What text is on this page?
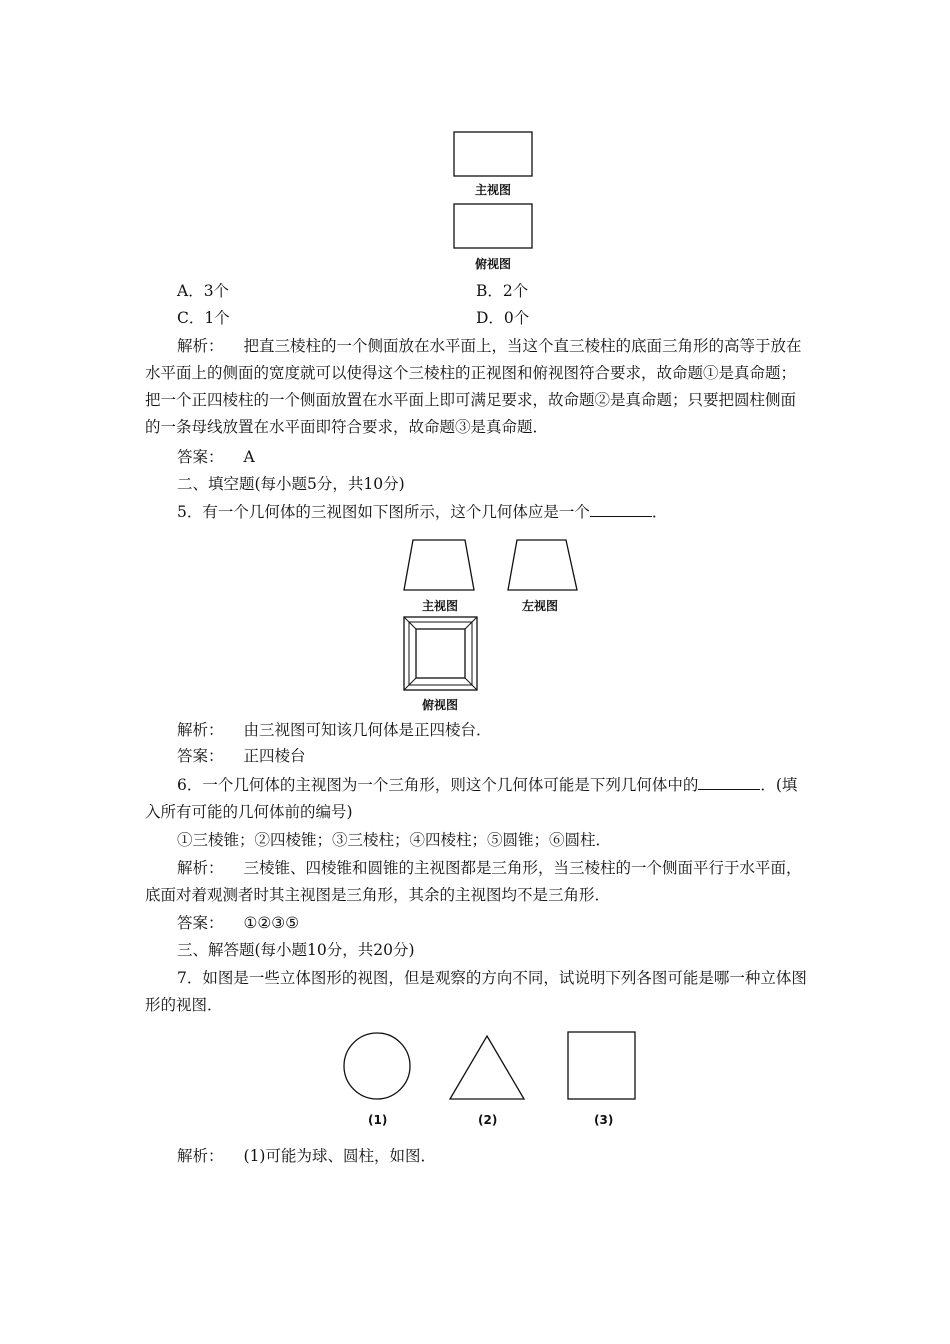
主视图
俯视图
A．3个	B．2个
C．1个	D．0个
解析： 把直三棱柱的一个侧面放在水平面上，当这个直三棱柱的底面三角形的高等于放在水平面上的侧面的宽度就可以使得这个三棱柱的正视图和俯视图符合要求，故命题①是真命题；把一个正四棱柱的一个侧面放置在水平面上即可满足要求，故命题②是真命题；只要把圆柱侧面的一条母线放置在水平面即符合要求，故命题③是真命题．
答案： A
二、填空题(每小题5分，共10分)
5．有一个几何体的三视图如下图所示，这个几何体应是一个	．
主视图	左视图
俯视图
解析： 由三视图可知该几何体是正四棱台．
答案： 正四棱台
6．一个几何体的主视图为一个三角形，则这个几何体可能是下列几何体中的	．(填入所有可能的几何体前的编号)
①三棱锥；②四棱锥；③三棱柱；④四棱柱；⑤圆锥；⑥圆柱．
解析： 三棱锥、四棱锥和圆锥的主视图都是三角形，当三棱柱的一个侧面平行于水平面，底面对着观测者时其主视图是三角形，其余的主视图均不是三角形．
答案： ①②③⑤
三、解答题(每小题10分，共20分)
7．如图是一些立体图形的视图，但是观察的方向不同，试说明下列各图可能是哪一种立体图形的视图．
(1)	(2)	(3)
解析： (1)可能为球、圆柱，如图．
